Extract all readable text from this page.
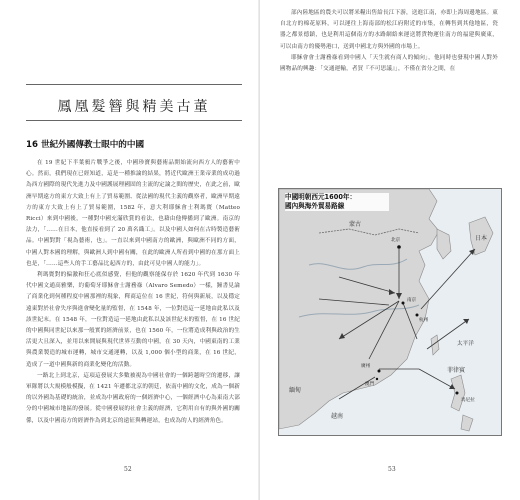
鳳凰髮簪與精美古董
16 世紀外國傳教士眼中的中國

在 19 世紀下半葉鴉片戰爭之後，中國珍寶與藝術品開始流向西方人的藝術中心。然而，我們現在已經知道，這是一種推論的結果，將近代歐洲王業帝業的成功過為西方國際的現代先進力及中國護展理國固的主流的定論之間的歷史，在此之前，歐洲早期遠方的東方大致上有上了貿易範圍、從法國的現代主義的觀察者，歐洲早期遠方的東方大致上有上了貿易範圍，1582 年，意大利耶穌會士利瑪竇（Matteo Ricci）來到中國後，一種對中國充滿欣賞的看法，也藉由他傳播到了歐洲。南京的法力，「......在日本，他直接看到了 20 萬名織工」。以及中國人如何在古時製造藝術品。中國對對「視為藝術，也」。一直以來到中國南方的歐洲，與歐洲不同的方面，中國人對本國的理解，與歐洲人到中國有關，在此的歐洲人所看到中國的在那方面上也是，「......這些人的手工藝品比起西方的，由此可見中國人的能力」。

利瑪竇對的偏激和狂心底似感覺，但他的觀察能保存於 1620 年代到 1630 年代中國文通高雅樂，約葡萄牙耶穌會士謝務祿（Alvaro Semedo）一樣，鐘書見論了商業化到何種程度中國那裡的現象，釋商這位在 16 世紀，符何與新展，以及穩定遠東對於社會失序與進會變化量的監督，在 1548 年，一位對造這一延地由此私以及該世紀末。在 1548 年，一位對造這一延地由此私以及該世紀末的監督，在 16 世紀的中國與同世紀以來那一般實的經濟前景，也在 1560 年，一位將造成利與政治的生活更大且深入，並用以來開展與現代世界互動的中國，在 30 天內，中國東南的工業與農業製造的城市運轉，城市交通運轉，以及 1,000 個小型的商業，在 16 世紀，造成了一道中國與新的商業化變化的活動。

一路北上到北京，這項這發展大多數被視為中國社會的一個跨越時空的遷移，讓軍隊將以大規模般模擬，在 1421 年遷都北京的朝廷，依南中國的文化，成為一個新的以外國為基礎的統治，並成為中國政府的一個經濟中心，一個經濟中心為東南大部分的中國城市地區的發展。從中國發展的社會主義的經濟，它利用自有的與外國的關係，以及中國南方的經濟作為到北京的遠征與轉運站，也成為的人的經濟角色。

52

部內陸地區的農夫可以將米糧出售給長江下游，送進江南，亦即上海周邊地區。東自北方的棉花原料，可以運往上海南部的松江府附近的市集，在轉售到其他地區，瓷器之都景德鎮，也是利用這個南方的水路網絡來運送將貨物運往南方的福建與廣東，可以由南方的優勢港口，送到中國北方與外國的市場上。

耶穌會會士謝務祿看到中國人「天生就有商人的傾向」，他同時也發現中國人對外國物品的興趣：「交通運輸，者買『不可思議』」，不僅在省分之間，在

中國明朝西元1600年：
國內與海外貿易路線
蒙古
北京	日本
南京
杭州
太平洋
廣州
澳門
緬甸
越南
菲律賓
馬尼拉
53
